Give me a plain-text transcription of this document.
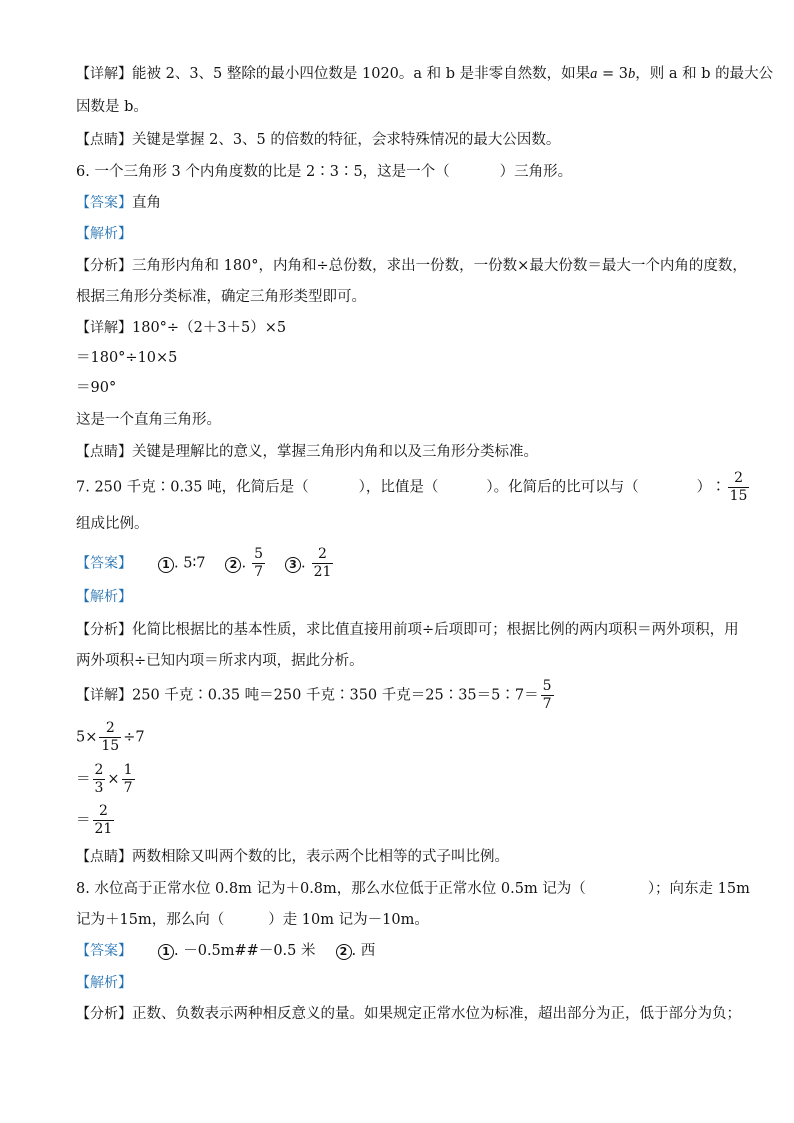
【详解】能被 2、3、5 整除的最小四位数是 1020。a 和 b 是非零自然数，如果a = 3b，则 a 和 b 的最大公
因数是 b。
【点睛】关键是掌握 2、3、5 的倍数的特征，会求特殊情况的最大公因数。
6. 一个三角形 3 个内角度数的比是 2∶3∶5，这是一个（	）三角形。
【答案】直角
【解析】
【分析】三角形内角和 180°，内角和÷总份数，求出一份数，一份数×最大份数＝最大一个内角的度数，
根据三角形分类标准，确定三角形类型即可。
【详解】180°÷（2＋3＋5）×5
＝180°÷10×5
＝90°
这是一个直角三角形。
【点睛】关键是理解比的意义，掌握三角形内角和以及三角形分类标准。
7. 250 千克∶0.35 吨，化简后是（	），比值是（	）。化简后的比可以与（	）∶ $\frac{2}{15}$
组成比例。
【答案】	1 . 5∶7 2 . $\frac{5}{7} 3$ . $\frac{2}{21}$
【解析】
【分析】化简比根据比的基本性质，求比值直接用前项÷后项即可；根据比例的两内项积＝两外项积，用
两外项积÷已知内项＝所求内项，据此分析。
【详解】250 千克∶0.35 吨＝250 千克∶350 千克＝25∶35＝5∶7＝ $\frac{5}{7}$
$5\times \frac{2}{15} \div 7$
＝ $\frac{2}{3} \times \frac{1}{7}$
＝ $\frac{2}{21}$
【点睛】两数相除又叫两个数的比，表示两个比相等的式子叫比例。
8. 水位高于正常水位 0.8m 记为＋0.8m，那么水位低于正常水位 0.5m 记为（	）；向东走 15m
记为＋15m，那么向（	）走 10m 记为－10m。
【答案】	1 . －0.5m##－0.5 米 2 . 西
【解析】
【分析】正数、负数表示两种相反意义的量。如果规定正常水位为标准，超出部分为正，低于部分为负；
